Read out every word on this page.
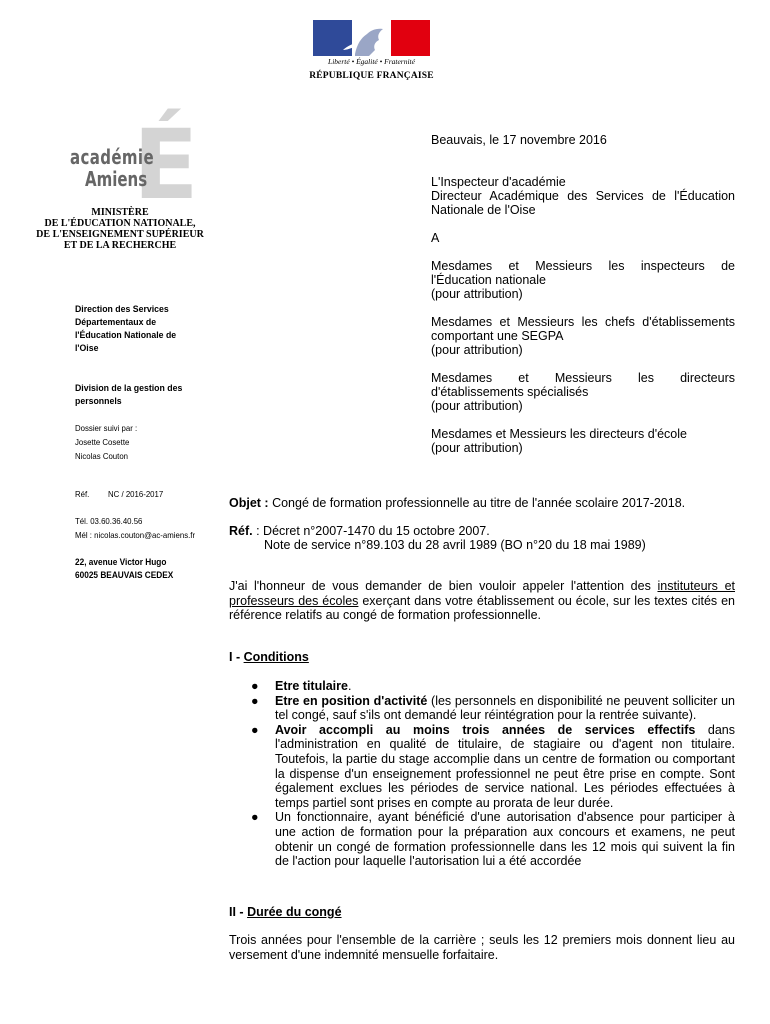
Liberté • Égalité • Fraternité
RÉPUBLIQUE FRANÇAISE
É
académie
Amiens
MINISTÈRE
DE L'ÉDUCATION NATIONALE,
DE L'ENSEIGNEMENT SUPÉRIEUR
ET DE LA RECHERCHE
Direction des Services
Départementaux de
l'Éducation Nationale de
l'Oise
Division de la gestion des
personnels
Dossier suivi par :
Josette Cosette
Nicolas Couton
Réf. NC / 2016-2017
Tél. 03.60.36.40.56
Mél : nicolas.couton@ac-amiens.fr
22, avenue Victor Hugo
60025 BEAUVAIS CEDEX
Beauvais, le 17 novembre 2016
L'Inspecteur d'académie
Directeur Académique des Services de l'Éducation
Nationale de l'Oise
A
Mesdames et Messieurs les inspecteurs de
l'Éducation nationale
(pour attribution)
Mesdames et Messieurs les chefs d'établissements
comportant une SEGPA
(pour attribution)
Mesdames et Messieurs les directeurs
d'établissements spécialisés
(pour attribution)
Mesdames et Messieurs les directeurs d'école
(pour attribution)
Objet : Congé de formation professionnelle au titre de l'année scolaire 2017-2018.
Réf. : Décret n°2007-1470 du 15 octobre 2007.
Note de service n°89.103 du 28 avril 1989 (BO n°20 du 18 mai 1989)
J'ai l'honneur de vous demander de bien vouloir appeler l'attention des instituteurs et professeurs des écoles exerçant dans votre établissement ou école, sur les textes cités en référence relatifs au congé de formation professionnelle.
I - Conditions
● Etre titulaire.
● Etre en position d'activité (les personnels en disponibilité ne peuvent solliciter un tel congé, sauf s'ils ont demandé leur réintégration pour la rentrée suivante).
● Avoir accompli au moins trois années de services effectifs dans l'administration en qualité de titulaire, de stagiaire ou d'agent non titulaire. Toutefois, la partie du stage accomplie dans un centre de formation ou comportant la dispense d'un enseignement professionnel ne peut être prise en compte. Sont également exclues les périodes de service national. Les périodes effectuées à temps partiel sont prises en compte au prorata de leur durée.
● Un fonctionnaire, ayant bénéficié d'une autorisation d'absence pour participer à une action de formation pour la préparation aux concours et examens, ne peut obtenir un congé de formation professionnelle dans les 12 mois qui suivent la fin de l'action pour laquelle l'autorisation lui a été accordée
II - Durée du congé
Trois années pour l'ensemble de la carrière ; seuls les 12 premiers mois donnent lieu au versement d'une indemnité mensuelle forfaitaire.
